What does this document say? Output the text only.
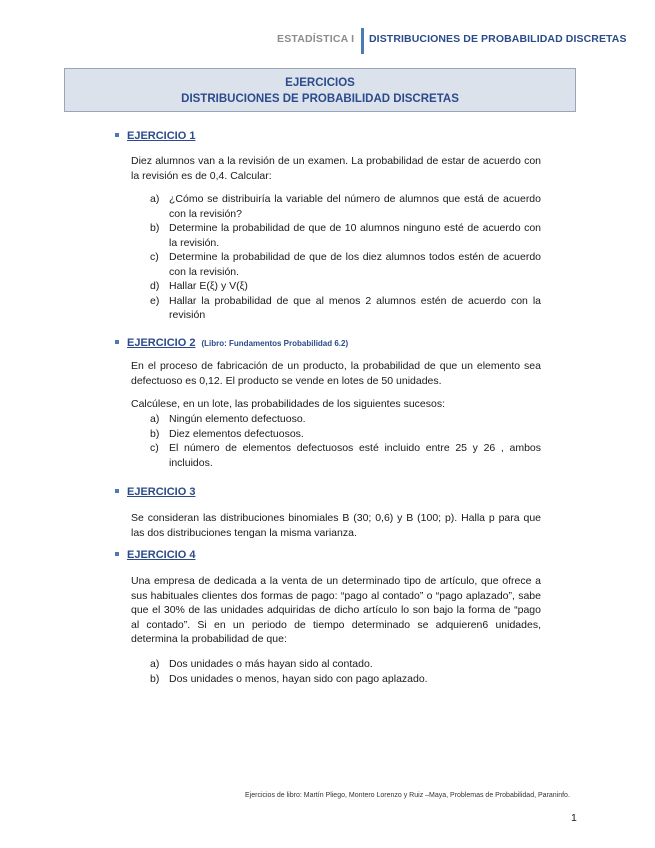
ESTADÍSTICA I DISTRIBUCIONES DE PROBABILIDAD DISCRETAS
EJERCICIOS
DISTRIBUCIONES DE PROBABILIDAD DISCRETAS
EJERCICIO 1
Diez alumnos van a la revisión de un examen. La probabilidad de estar de acuerdo con la revisión es de 0,4. Calcular:
a) ¿Cómo se distribuiría la variable del número de alumnos que está de acuerdo con la revisión?
b) Determine la probabilidad de que de 10 alumnos ninguno esté de acuerdo con la revisión.
c) Determine la probabilidad de que de los diez alumnos todos estén de acuerdo con la revisión.
d) Hallar E(ξ) y V(ξ)
e) Hallar la probabilidad de que al menos 2 alumnos estén de acuerdo con la revisión
EJERCICIO 2 (Libro: Fundamentos Probabilidad 6.2)
En el proceso de fabricación de un producto, la probabilidad de que un elemento sea defectuoso es 0,12. El producto se vende en lotes de 50 unidades.
Calcúlese, en un lote, las probabilidades de los siguientes sucesos:
a) Ningún elemento defectuoso.
b) Diez elementos defectuosos.
c) El número de elementos defectuosos esté incluido entre 25 y 26 , ambos incluidos.
EJERCICIO 3
Se consideran las distribuciones binomiales B (30; 0,6) y B (100; p). Halla p para que las dos distribuciones tengan la misma varianza.
EJERCICIO 4
Una empresa de dedicada a la venta de un determinado tipo de artículo, que ofrece a sus habituales clientes dos formas de pago: “pago al contado” o “pago aplazado”, sabe que el 30% de las unidades adquiridas de dicho artículo lo son bajo la forma de “pago al contado”. Si en un periodo de tiempo determinado se adquieren6 unidades, determina la probabilidad de que:
a) Dos unidades o más hayan sido al contado.
b) Dos unidades o menos, hayan sido con pago aplazado.
Ejercicios de libro: Martín Pliego, Montero Lorenzo y Ruiz –Maya, Problemas de Probabilidad, Paraninfo.
1
